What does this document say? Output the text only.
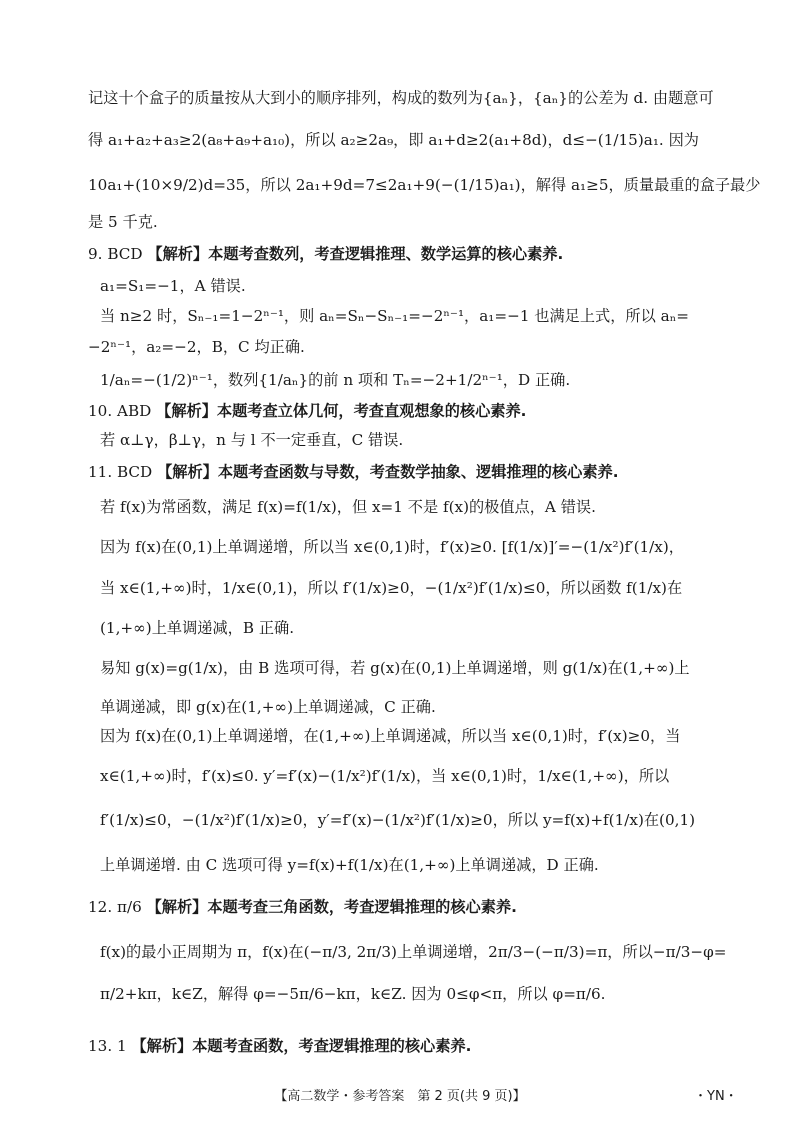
记这十个盒子的质量按从大到小的顺序排列，构成的数列为{aₙ}，{aₙ}的公差为 d. 由题意可
得 a₁+a₂+a₃≥2(a₈+a₉+a₁₀)，所以 a₂≥2a₉，即 a₁+d≥2(a₁+8d)，d≤−(1/15)a₁. 因为
10a₁+(10×9/2)d=35，所以 2a₁+9d=7≤2a₁+9(−(1/15)a₁)，解得 a₁≥5，质量最重的盒子最少
是 5 千克.
9. BCD 【解析】本题考查数列，考查逻辑推理、数学运算的核心素养.
a₁=S₁=−1，A 错误.
当 n≥2 时，Sₙ₋₁=1−2ⁿ⁻¹，则 aₙ=Sₙ−Sₙ₋₁=−2ⁿ⁻¹，a₁=−1 也满足上式，所以 aₙ=
−2ⁿ⁻¹，a₂=−2，B，C 均正确.
1/aₙ=−(1/2)ⁿ⁻¹，数列{1/aₙ}的前 n 项和 Tₙ=−2+1/2ⁿ⁻¹，D 正确.
10. ABD 【解析】本题考查立体几何，考查直观想象的核心素养.
若 α⊥γ，β⊥γ，n 与 l 不一定垂直，C 错误.
11. BCD 【解析】本题考查函数与导数，考查数学抽象、逻辑推理的核心素养.
若 f(x)为常函数，满足 f(x)=f(1/x)，但 x=1 不是 f(x)的极值点，A 错误.
因为 f(x)在(0,1)上单调递增，所以当 x∈(0,1)时，f′(x)≥0. [f(1/x)]′=−(1/x²)f′(1/x)，
当 x∈(1,+∞)时，1/x∈(0,1)，所以 f′(1/x)≥0，−(1/x²)f′(1/x)≤0，所以函数 f(1/x)在
(1,+∞)上单调递减，B 正确.
易知 g(x)=g(1/x)，由 B 选项可得，若 g(x)在(0,1)上单调递增，则 g(1/x)在(1,+∞)上
单调递减，即 g(x)在(1,+∞)上单调递减，C 正确.
因为 f(x)在(0,1)上单调递增，在(1,+∞)上单调递减，所以当 x∈(0,1)时，f′(x)≥0，当
x∈(1,+∞)时，f′(x)≤0. y′=f′(x)−(1/x²)f′(1/x)，当 x∈(0,1)时，1/x∈(1,+∞)，所以
f′(1/x)≤0，−(1/x²)f′(1/x)≥0，y′=f′(x)−(1/x²)f′(1/x)≥0，所以 y=f(x)+f(1/x)在(0,1)
上单调递增. 由 C 选项可得 y=f(x)+f(1/x)在(1,+∞)上单调递减，D 正确.
12. π/6 【解析】本题考查三角函数，考查逻辑推理的核心素养.
f(x)的最小正周期为 π，f(x)在(−π/3, 2π/3)上单调递增，2π/3−(−π/3)=π，所以−π/3−φ=
π/2+kπ，k∈Z，解得 φ=−5π/6−kπ，k∈Z. 因为 0≤φ<π，所以 φ=π/6.
13. 1 【解析】本题考查函数，考查逻辑推理的核心素养.
【高二数学・参考答案　第 2 页(共 9 页)】	・YN・
